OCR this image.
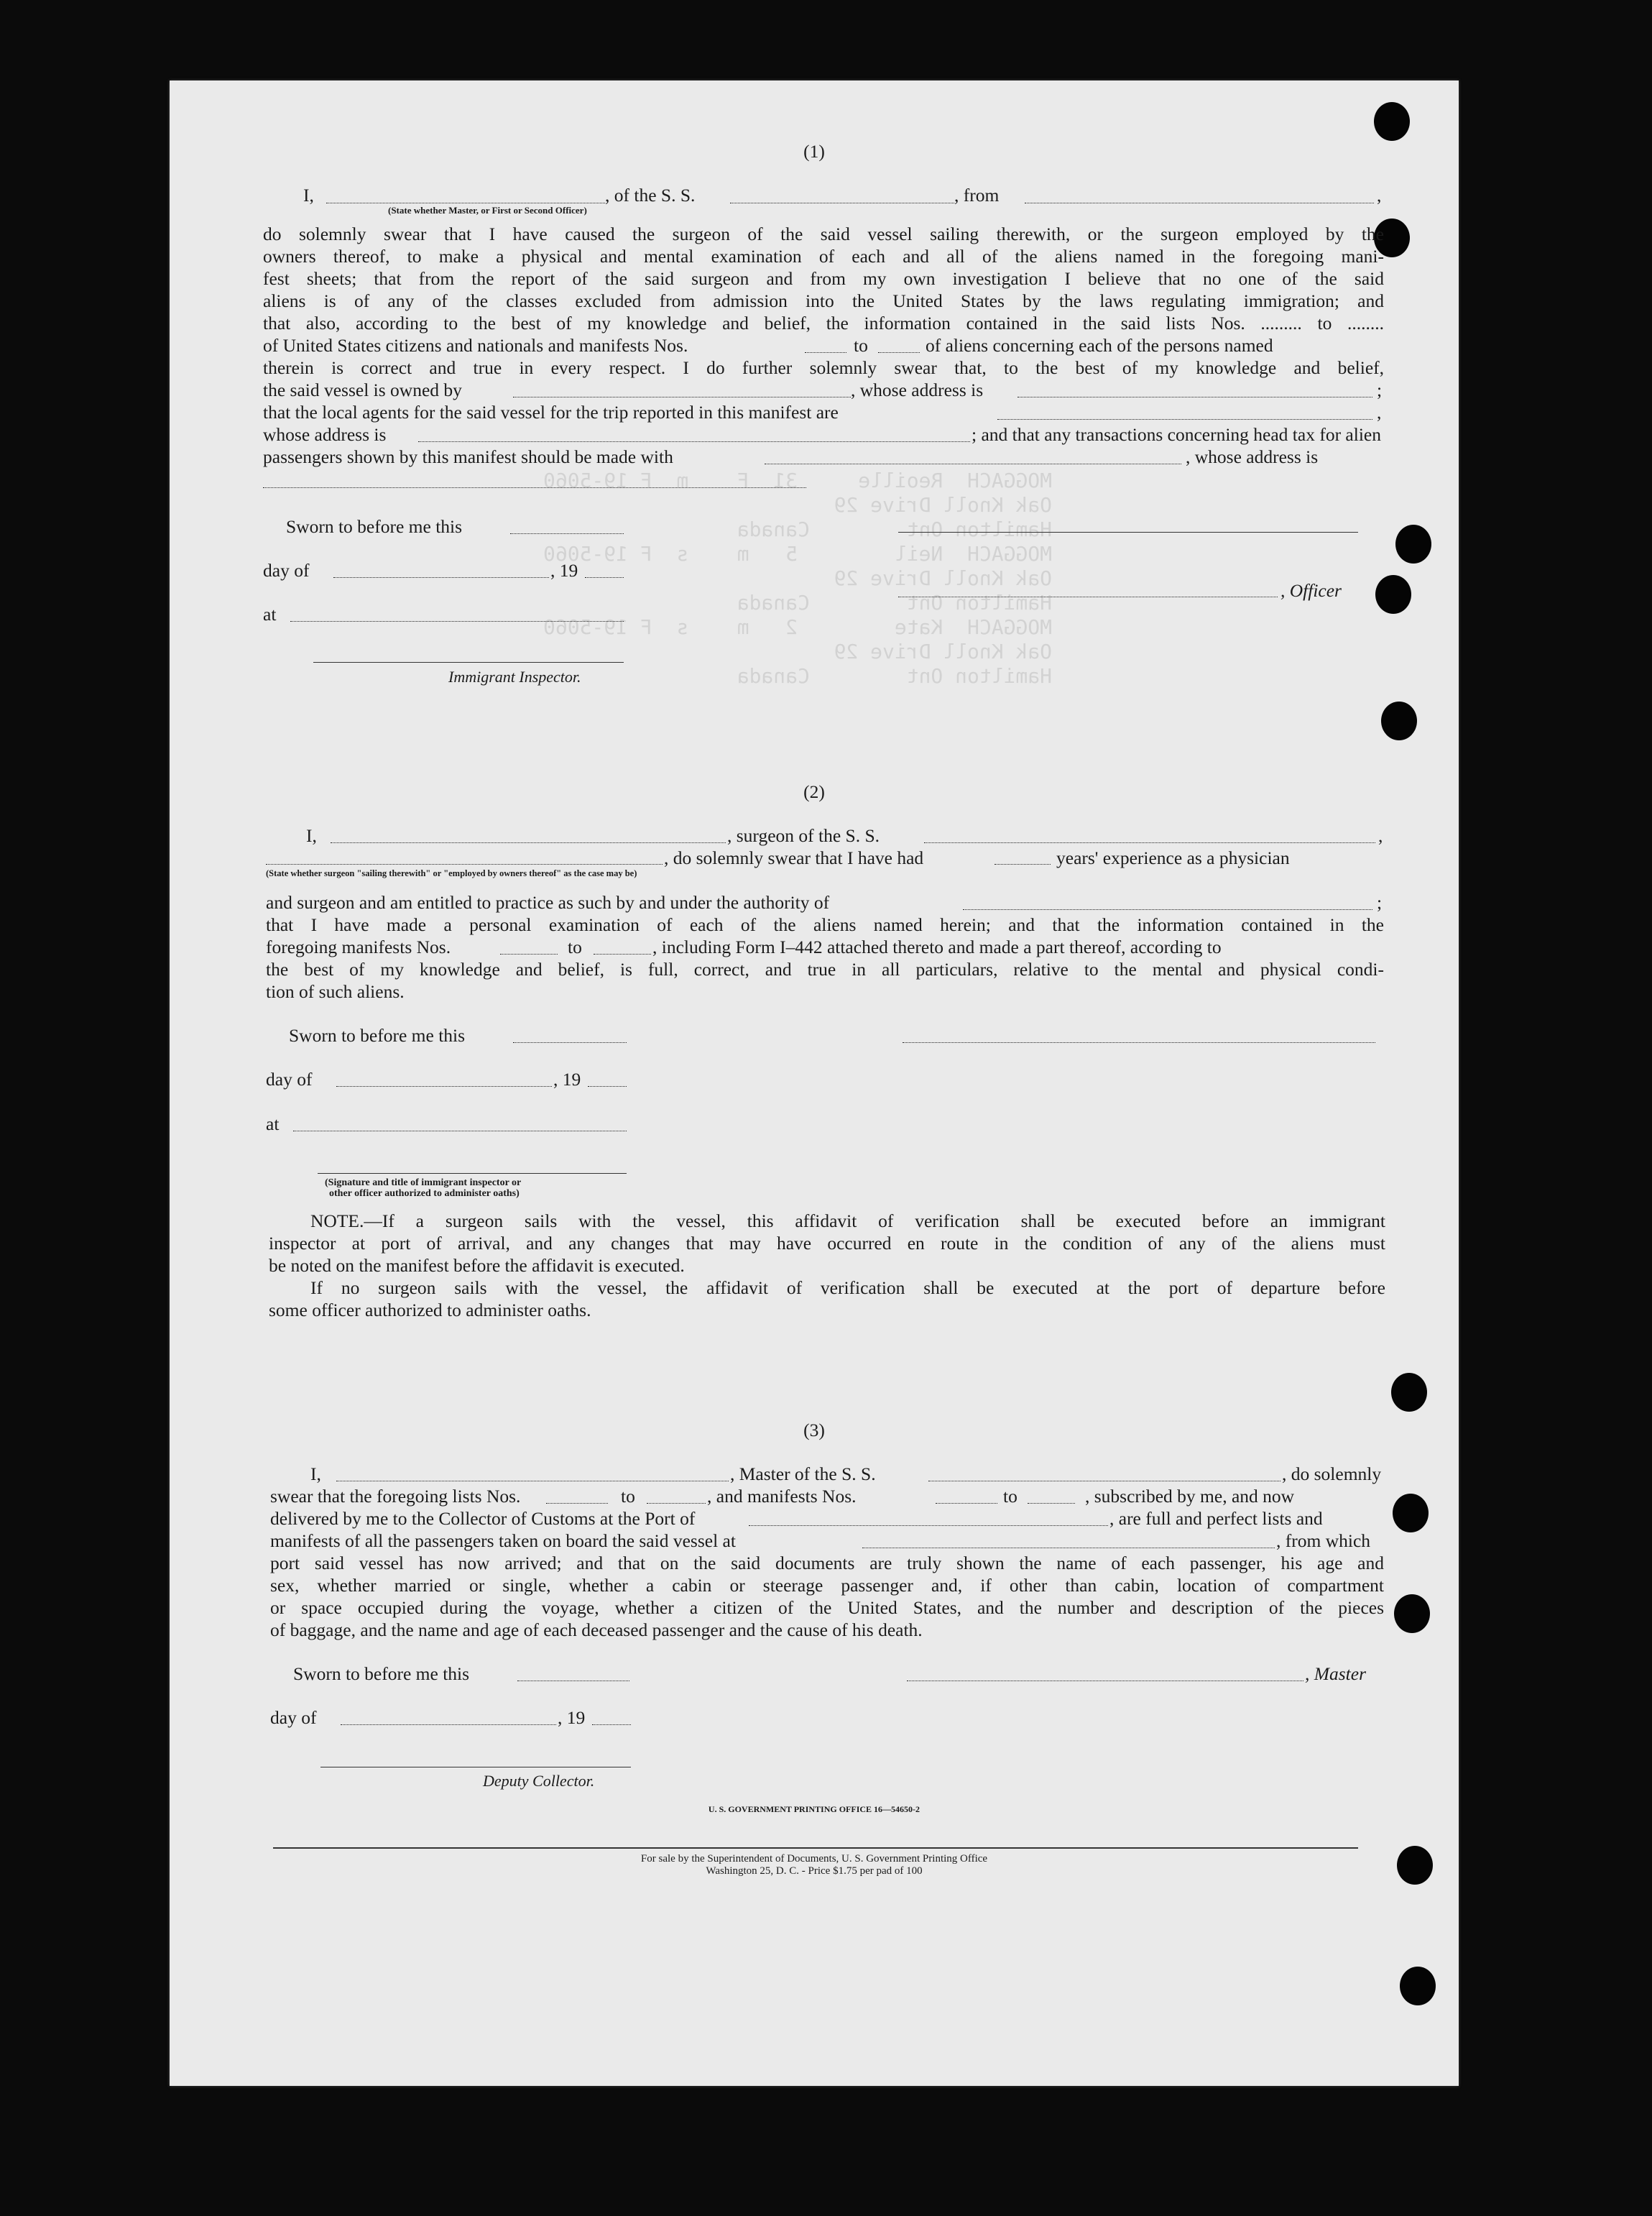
MOGGACH  Reoille     31  F    m  F 19-5060
Oak Knoll Drive 29
Hamilton Ont        Canada
MOGGACH  Neil        5   m    s  F 19-5060
Oak Knoll Drive 29
Hamilton Ont        Canada
MOGGACH  Kate        2   m    s  F 19-5060
Oak Knoll Drive 29
Hamilton Ont        Canada
(1)
I,	, of the S. S.	, from	,
(State whether Master, or First or Second Officer)
do solemnly swear that I have caused the surgeon of the said vessel sailing therewith, or the surgeon employed by the
owners thereof, to make a physical and mental examination of each and all of the aliens named in the foregoing mani-
fest sheets; that from the report of the said surgeon and from my own investigation I believe that no one of the said
aliens is of any of the classes excluded from admission into the United States by the laws regulating immigration; and
that also, according to the best of my knowledge and belief, the information contained in the said lists Nos. ......... to ........
of United States citizens and nationals and manifests Nos.	to	of aliens concerning each of the persons named
therein is correct and true in every respect. I do further solemnly swear that, to the best of my knowledge and belief,
the said vessel is owned by	, whose address is	;
that the local agents for the said vessel for the trip reported in this manifest are	,
whose address is	; and that any transactions concerning head tax for alien
passengers shown by this manifest should be made with	, whose address is
Sworn to before me this
day of	, 19
, Officer
at
Immigrant Inspector.
(2)
I,	, surgeon of the S. S.	,
, do solemnly swear that I have had	years' experience as a physician
(State whether surgeon "sailing therewith" or "employed by owners thereof" as the case may be)
and surgeon and am entitled to practice as such by and under the authority of	;
that I have made a personal examination of each of the aliens named herein; and that the information contained in the
foregoing manifests Nos.	to	, including Form I–442 attached thereto and made a part thereof, according to
the best of my knowledge and belief, is full, correct, and true in all particulars, relative to the mental and physical condi-
tion of such aliens.
Sworn to before me this
day of	, 19
at
(Signature and title of immigrant inspector or
other officer authorized to administer oaths)
NOTE.—If a surgeon sails with the vessel, this affidavit of verification shall be executed before an immigrant
inspector at port of arrival, and any changes that may have occurred en route in the condition of any of the aliens must
be noted on the manifest before the affidavit is executed.
If no surgeon sails with the vessel, the affidavit of verification shall be executed at the port of departure before
some officer authorized to administer oaths.
(3)
I,	, Master of the S. S.	, do solemnly
swear that the foregoing lists Nos.	to	, and manifests Nos.	to	, subscribed by me, and now
delivered by me to the Collector of Customs at the Port of	, are full and perfect lists and
manifests of all the passengers taken on board the said vessel at	, from which
port said vessel has now arrived; and that on the said documents are truly shown the name of each passenger, his age and
sex, whether married or single, whether a cabin or steerage passenger and, if other than cabin, location of compartment
or space occupied during the voyage, whether a citizen of the United States, and the number and description of the pieces
of baggage, and the name and age of each deceased passenger and the cause of his death.
Sworn to before me this	, Master
day of	, 19
Deputy Collector.
U. S. GOVERNMENT PRINTING OFFICE 16—54650-2
For sale by the Superintendent of Documents, U. S. Government Printing Office
Washington 25, D. C. - Price $1.75 per pad of 100
